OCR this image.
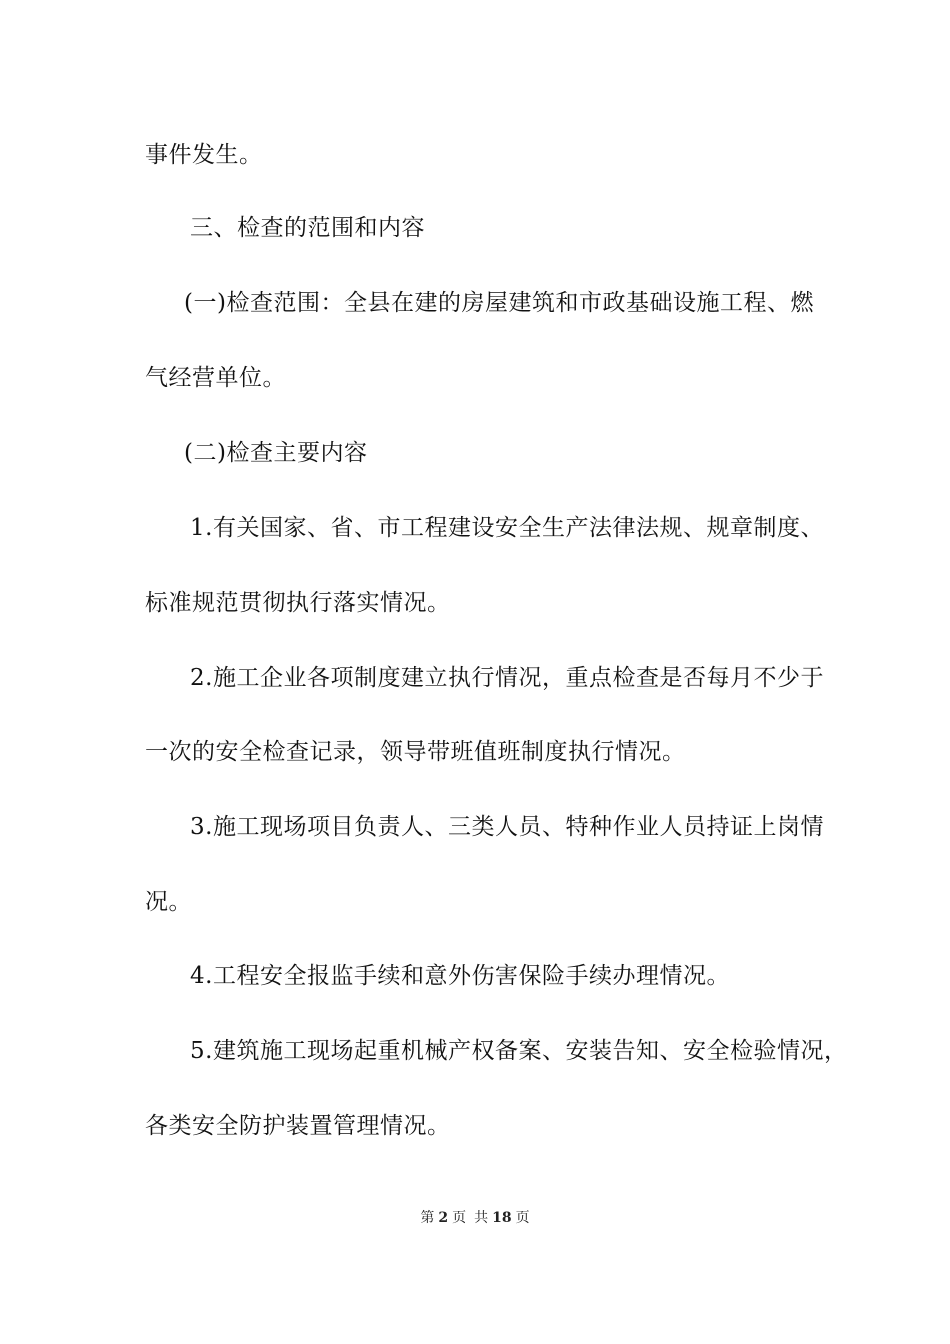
事件发生。
三、检查的范围和内容
(一)检查范围：全县在建的房屋建筑和市政基础设施工程、燃
气经营单位。
(二)检查主要内容
1.有关国家、省、市工程建设安全生产法律法规、规章制度、
标准规范贯彻执行落实情况。
2.施工企业各项制度建立执行情况，重点检查是否每月不少于
一次的安全检查记录，领导带班值班制度执行情况。
3.施工现场项目负责人、三类人员、特种作业人员持证上岗情
况。
4.工程安全报监手续和意外伤害保险手续办理情况。
5.建筑施工现场起重机械产权备案、安装告知、安全检验情况，
各类安全防护装置管理情况。
第 2 页 共 18 页
